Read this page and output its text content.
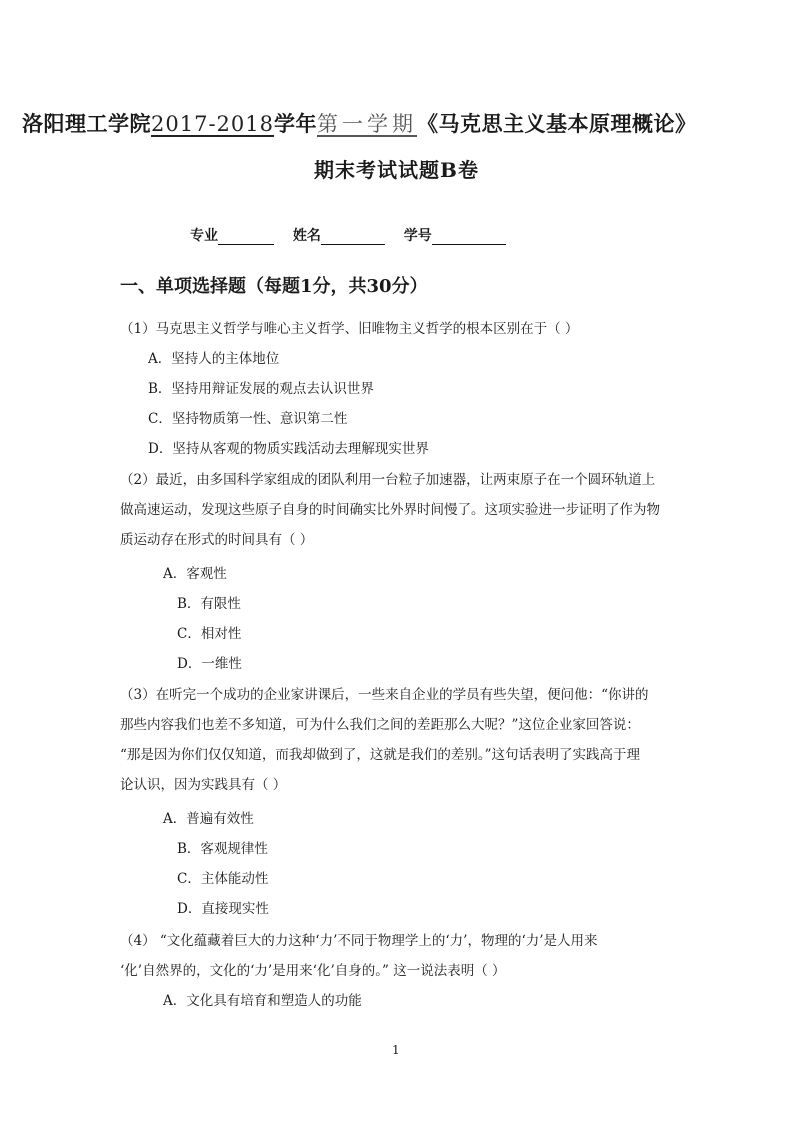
洛阳理工学院2017-2018学年第一学期《马克思主义基本原理概论》
期末考试试题B卷
专业	姓名	学号
一、单项选择题（每题1分，共30分）
（1）马克思主义哲学与唯心主义哲学、旧唯物主义哲学的根本区别在于（ ）
A．坚持人的主体地位
B．坚持用辩证发展的观点去认识世界
C．坚持物质第一性、意识第二性
D．坚持从客观的物质实践活动去理解现实世界
（2）最近，由多国科学家组成的团队利用一台粒子加速器，让两束原子在一个圆环轨道上
做高速运动，发现这些原子自身的时间确实比外界时间慢了。这项实验进一步证明了作为物
质运动存在形式的时间具有（ ）
A．客观性
B．有限性
C．相对性
D．一维性
（3）在听完一个成功的企业家讲课后，一些来自企业的学员有些失望，便问他：“你讲的
那些内容我们也差不多知道，可为什么我们之间的差距那么大呢？”这位企业家回答说：
“那是因为你们仅仅知道，而我却做到了，这就是我们的差别。”这句话表明了实践高于理
论认识，因为实践具有（ ）
A．普遍有效性
B．客观规律性
C．主体能动性
D．直接现实性
（4） “文化蕴藏着巨大的力这种‘力’不同于物理学上的‘力’，物理的‘力’是人用来
‘化’自然界的，文化的‘力’是用来‘化’自身的。” 这一说法表明（ ）
A．文化具有培育和塑造人的功能
1
